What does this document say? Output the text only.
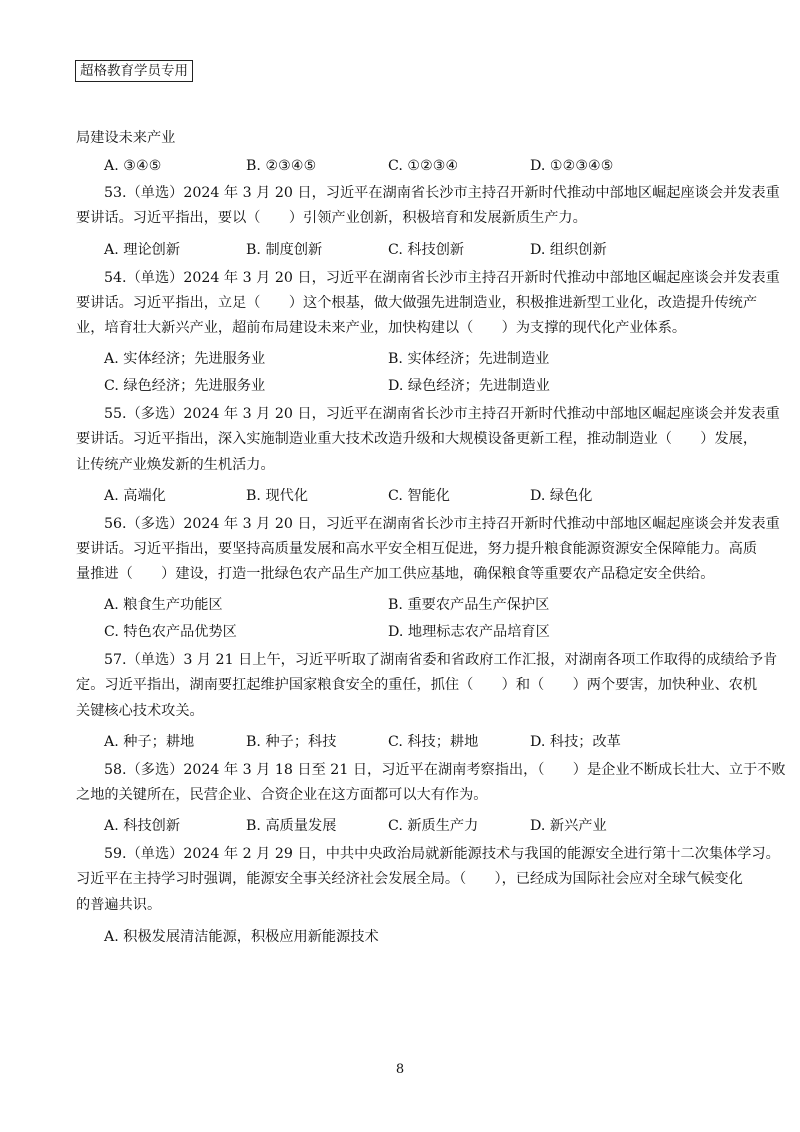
超格教育学员专用
局建设未来产业
A. ③④⑤	B. ②③④⑤	C. ①②③④	D. ①②③④⑤
53.（单选）2024 年 3 月 20 日，习近平在湖南省长沙市主持召开新时代推动中部地区崛起座谈会并发表重
要讲话。习近平指出，要以（　　）引领产业创新，积极培育和发展新质生产力。
A. 理论创新	B. 制度创新	C. 科技创新	D. 组织创新
54.（单选）2024 年 3 月 20 日，习近平在湖南省长沙市主持召开新时代推动中部地区崛起座谈会并发表重
要讲话。习近平指出，立足（　　）这个根基，做大做强先进制造业，积极推进新型工业化，改造提升传统产
业，培育壮大新兴产业，超前布局建设未来产业，加快构建以（　　）为支撑的现代化产业体系。
A. 实体经济；先进服务业	B. 实体经济；先进制造业
C. 绿色经济；先进服务业	D. 绿色经济；先进制造业
55.（多选）2024 年 3 月 20 日，习近平在湖南省长沙市主持召开新时代推动中部地区崛起座谈会并发表重
要讲话。习近平指出，深入实施制造业重大技术改造升级和大规模设备更新工程，推动制造业（　　）发展，
让传统产业焕发新的生机活力。
A. 高端化	B. 现代化	C. 智能化	D. 绿色化
56.（多选）2024 年 3 月 20 日，习近平在湖南省长沙市主持召开新时代推动中部地区崛起座谈会并发表重
要讲话。习近平指出，要坚持高质量发展和高水平安全相互促进，努力提升粮食能源资源安全保障能力。高质
量推进（　　）建设，打造一批绿色农产品生产加工供应基地，确保粮食等重要农产品稳定安全供给。
A. 粮食生产功能区	B. 重要农产品生产保护区
C. 特色农产品优势区	D. 地理标志农产品培育区
57.（单选）3 月 21 日上午，习近平听取了湖南省委和省政府工作汇报，对湖南各项工作取得的成绩给予肯
定。习近平指出，湖南要扛起维护国家粮食安全的重任，抓住（　　）和（　　）两个要害，加快种业、农机
关键核心技术攻关。
A. 种子；耕地	B. 种子；科技	C. 科技；耕地	D. 科技；改革
58.（多选）2024 年 3 月 18 日至 21 日，习近平在湖南考察指出，（　　）是企业不断成长壮大、立于不败
之地的关键所在，民营企业、合资企业在这方面都可以大有作为。
A. 科技创新	B. 高质量发展	C. 新质生产力	D. 新兴产业
59.（单选）2024 年 2 月 29 日，中共中央政治局就新能源技术与我国的能源安全进行第十二次集体学习。
习近平在主持学习时强调，能源安全事关经济社会发展全局。（　　），已经成为国际社会应对全球气候变化
的普遍共识。
A. 积极发展清洁能源，积极应用新能源技术
8
